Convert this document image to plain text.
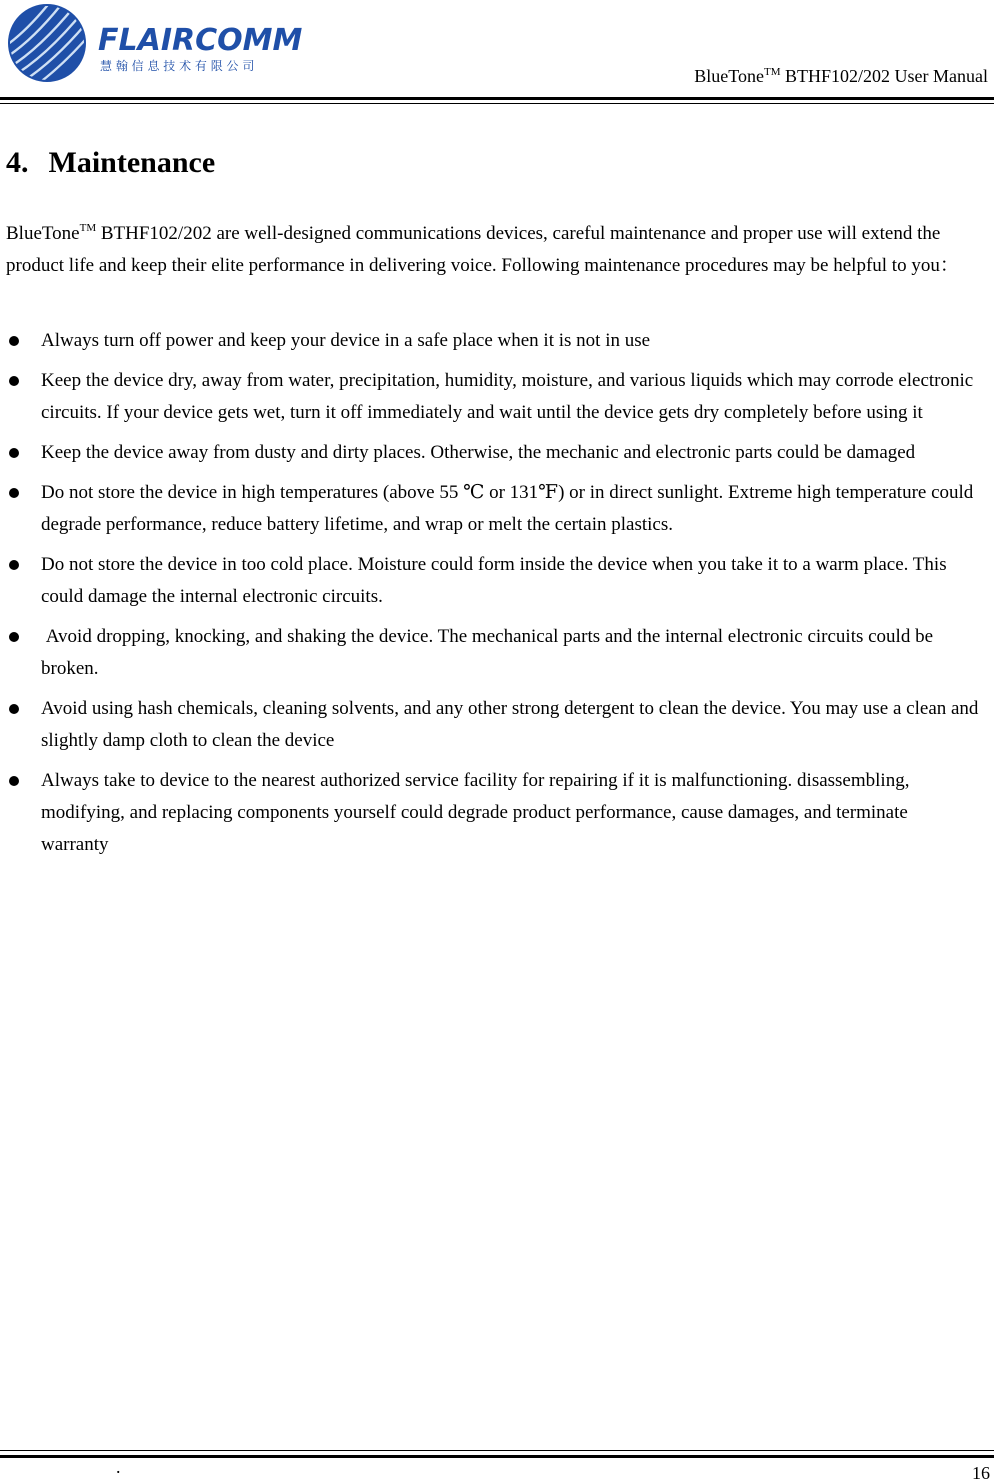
FLAIRCOMM
慧 翰 信 息 技 术 有 限 公 司	BlueTone™ BTHF102/202 User Manual
4. Maintenance

BlueTone™ BTHF102/202 are well-designed communications devices, careful maintenance and proper use will extend the product life and keep their elite performance in delivering voice. Following maintenance procedures may be helpful to you：

Always turn off power and keep your device in a safe place when it is not in use
Keep the device dry, away from water, precipitation, humidity, moisture, and various liquids which may corrode electronic circuits. If your device gets wet, turn it off immediately and wait until the device gets dry completely before using it
Keep the device away from dusty and dirty places. Otherwise, the mechanic and electronic parts could be damaged
Do not store the device in high temperatures (above 55 ℃ or 131℉) or in direct sunlight. Extreme high temperature could degrade performance, reduce battery lifetime, and wrap or melt the certain plastics.
Do not store the device in too cold place. Moisture could form inside the device when you take it to a warm place. This could damage the internal electronic circuits.
Avoid dropping, knocking, and shaking the device. The mechanical parts and the internal electronic circuits could be broken.
Avoid using hash chemicals, cleaning solvents, and any other strong detergent to clean the device. You may use a clean and slightly damp cloth to clean the device
Always take to device to the nearest authorized service facility for repairing if it is malfunctioning. disassembling, modifying, and replacing components yourself could degrade product performance, cause damages, and terminate warranty
.	16
